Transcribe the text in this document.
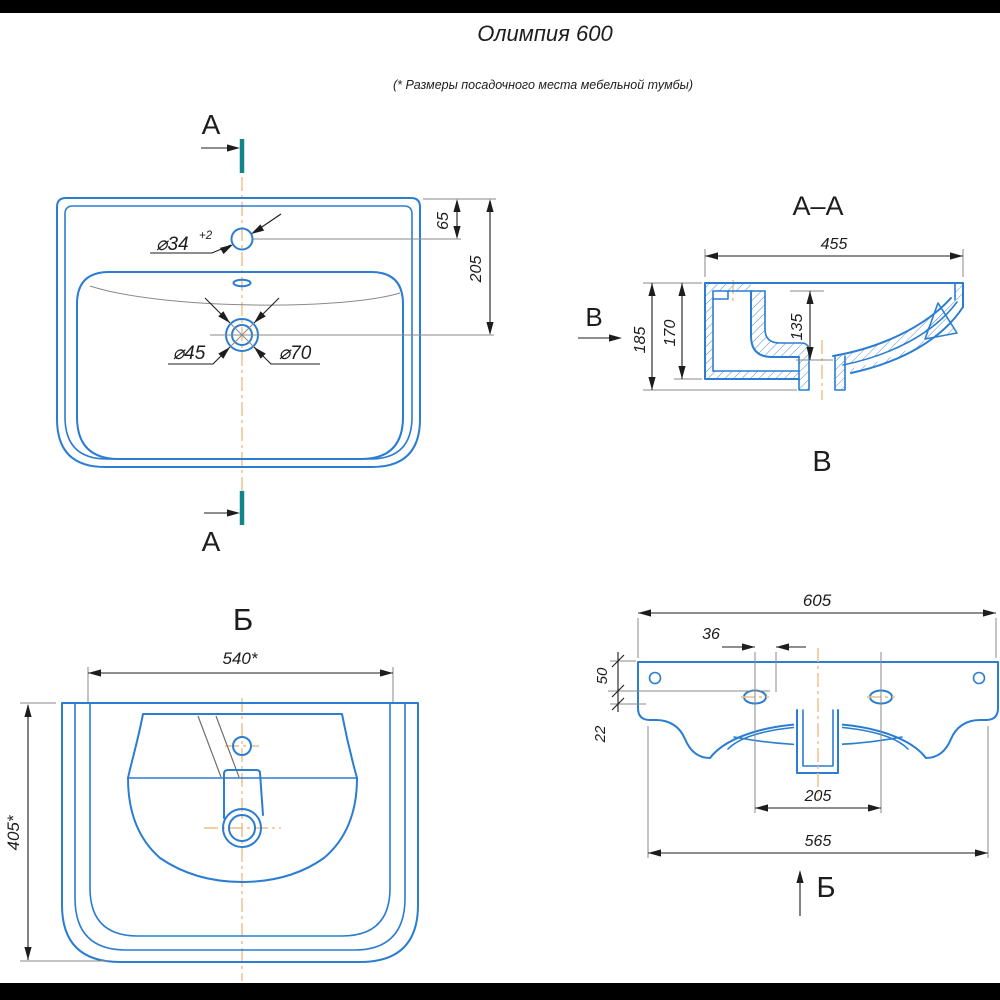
Олимпия 600
(* Размеры посадочного места мебельной тумбы)
А
А
⌀34 +2
⌀45	⌀70
65
205
А–А
455
185 170	135
В
В
Б
540*
405*
605
36
50
22
205
565
Б
